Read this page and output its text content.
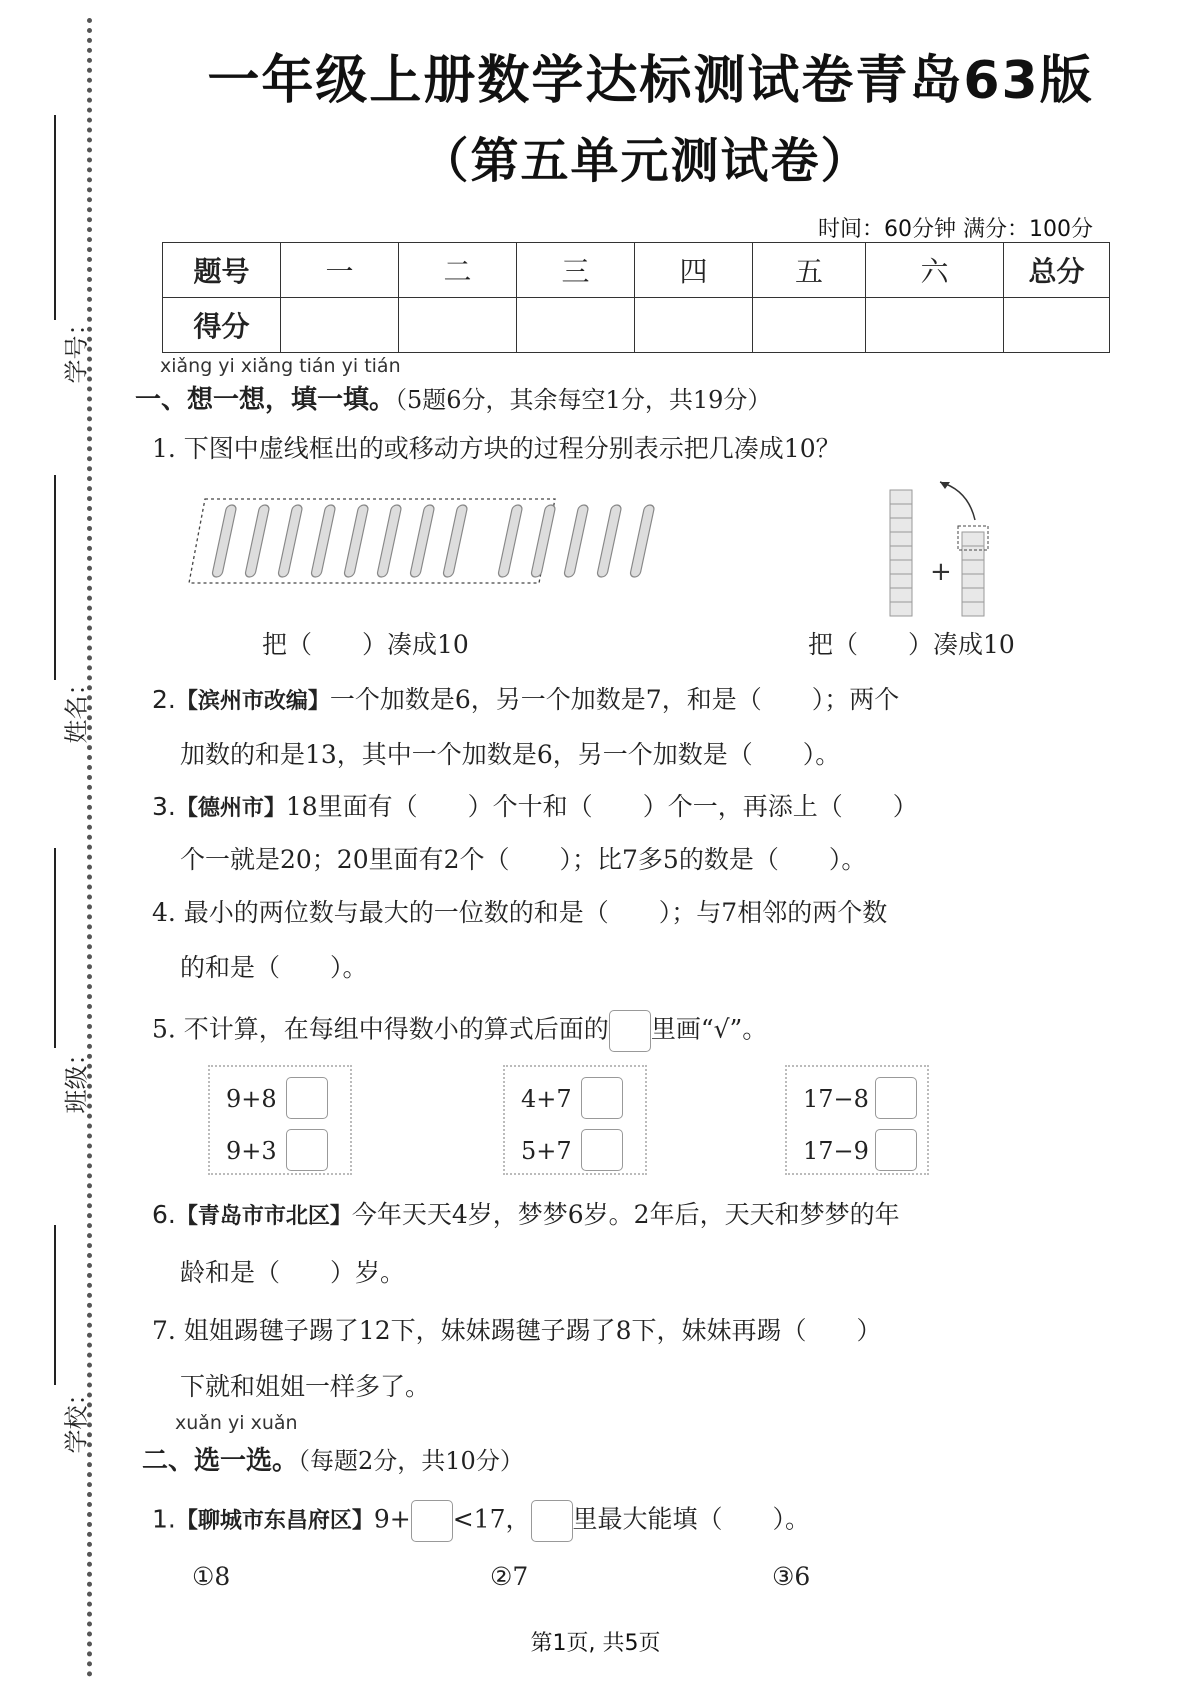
学号：
姓名：
班级：
学校：
一年级上册数学达标测试卷青岛63版
（第五单元测试卷）
时间：60分钟 满分：100分
题号	一	二	三	四	五	六	总分
得分							
xiǎng yi xiǎng tián yi tián
一、想一想，填一填。（5题6分，其余每空1分，共19分）
1. 下图中虚线框出的或移动方块的过程分别表示把几凑成10？
+
把（　　）凑成10	把（　　）凑成10
2.【滨州市改编】一个加数是6，另一个加数是7，和是（　　）；两个
加数的和是13，其中一个加数是6，另一个加数是（　　）。
3.【德州市】18里面有（　　）个十和（　　）个一，再添上（　　）
个一就是20；20里面有2个（　　）；比7多5的数是（　　）。
4. 最小的两位数与最大的一位数的和是（　　）；与7相邻的两个数
的和是（　　）。
5. 不计算，在每组中得数小的算式后面的 里画“√”。
9+8
9+3
4+7
5+7
17−8
17−9
6.【青岛市市北区】今年天天4岁，梦梦6岁。2年后，天天和梦梦的年
龄和是（　　）岁。
7. 姐姐踢毽子踢了12下，妹妹踢毽子踢了8下，妹妹再踢（　　）
下就和姐姐一样多了。
xuǎn yi xuǎn
二、选一选。（每题2分，共10分）
1.【聊城市东昌府区】9+ <17， 里最大能填（　　）。
①8	②7	③6
第1页, 共5页
